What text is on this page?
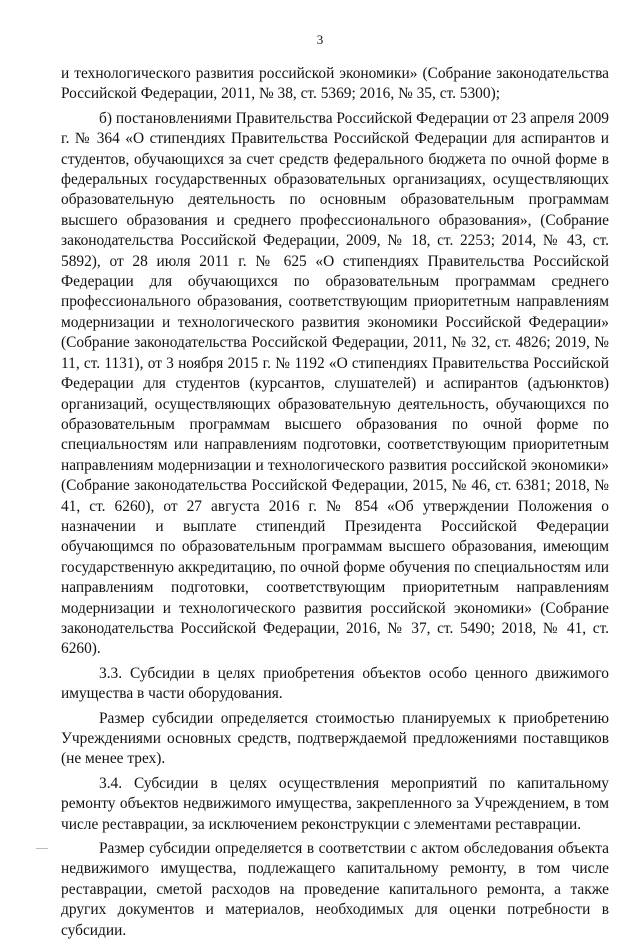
3

и технологического развития российской экономики» (Собрание законодательства Российской Федерации, 2011, № 38, ст. 5369; 2016, № 35, ст. 5300);

б) постановлениями Правительства Российской Федерации от 23 апреля 2009 г. № 364 «О стипендиях Правительства Российской Федерации для аспирантов и студентов, обучающихся за счет средств федерального бюджета по очной форме в федеральных государственных образовательных организациях, осуществляющих образовательную деятельность по основным образовательным программам высшего образования и среднего профессионального образования», (Собрание законодательства Российской Федерации, 2009, № 18, ст. 2253; 2014, № 43, ст. 5892), от 28 июля 2011 г. № 625 «О стипендиях Правительства Российской Федерации для обучающихся по образовательным программам среднего профессионального образования, соответствующим приоритетным направлениям модернизации и технологического развития экономики Российской Федерации» (Собрание законодательства Российской Федерации, 2011, № 32, ст. 4826; 2019, № 11, ст. 1131), от 3 ноября 2015 г. № 1192 «О стипендиях Правительства Российской Федерации для студентов (курсантов, слушателей) и аспирантов (адъюнктов) организаций, осуществляющих образовательную деятельность, обучающихся по образовательным программам высшего образования по очной форме по специальностям или направлениям подготовки, соответствующим приоритетным направлениям модернизации и технологического развития российской экономики» (Собрание законодательства Российской Федерации, 2015, № 46, ст. 6381; 2018, № 41, ст. 6260), от 27 августа 2016 г. № 854 «Об утверждении Положения о назначении и выплате стипендий Президента Российской Федерации обучающимся по образовательным программам высшего образования, имеющим государственную аккредитацию, по очной форме обучения по специальностям или направлениям подготовки, соответствующим приоритетным направлениям модернизации и технологического развития российской экономики» (Собрание законодательства Российской Федерации, 2016, № 37, ст. 5490; 2018, № 41, ст. 6260).

3.3. Субсидии в целях приобретения объектов особо ценного движимого имущества в части оборудования.

Размер субсидии определяется стоимостью планируемых к приобретению Учреждениями основных средств, подтверждаемой предложениями поставщиков (не менее трех).

3.4. Субсидии в целях осуществления мероприятий по капитальному ремонту объектов недвижимого имущества, закрепленного за Учреждением, в том числе реставрации, за исключением реконструкции с элементами реставрации.

Размер субсидии определяется в соответствии с актом обследования объекта недвижимого имущества, подлежащего капитальному ремонту, в том числе реставрации, сметой расходов на проведение капитального ремонта, а также других документов и материалов, необходимых для оценки потребности в субсидии.
